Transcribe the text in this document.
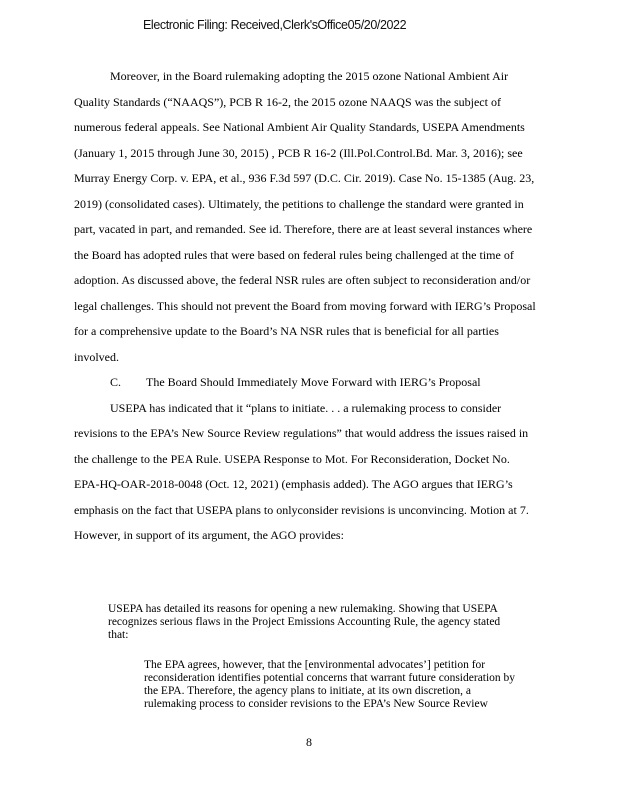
Electronic Filing: Received,Clerk'sOffice05/20/2022
Moreover, in the Board rulemaking adopting the 2015 ozone National Ambient Air
Quality Standards (“NAAQS”), PCB R 16-2, the 2015 ozone NAAQS was the subject of
numerous federal appeals. See National Ambient Air Quality Standards, USEPA Amendments
(January 1, 2015 through June 30, 2015) , PCB R 16-2 (Ill.Pol.Control.Bd. Mar. 3, 2016); see
Murray Energy Corp. v. EPA, et al., 936 F.3d 597 (D.C. Cir. 2019). Case No. 15-1385 (Aug. 23,
2019) (consolidated cases). Ultimately, the petitions to challenge the standard were granted in
part, vacated in part, and remanded. See id. Therefore, there are at least several instances where
the Board has adopted rules that were based on federal rules being challenged at the time of
adoption. As discussed above, the federal NSR rules are often subject to reconsideration and/or
legal challenges. This should not prevent the Board from moving forward with IERG’s Proposal
for a comprehensive update to the Board’s NA NSR rules that is beneficial for all parties
involved.
C. The Board Should Immediately Move Forward with IERG’s Proposal
USEPA has indicated that it “plans to initiate. . . a rulemaking process to consider
revisions to the EPA’s New Source Review regulations” that would address the issues raised in
the challenge to the PEA Rule. USEPA Response to Mot. For Reconsideration, Docket No.
EPA-HQ-OAR-2018-0048 (Oct. 12, 2021) (emphasis added). The AGO argues that IERG’s
emphasis on the fact that USEPA plans to onlyconsider revisions is unconvincing. Motion at 7.
However, in support of its argument, the AGO provides:
USEPA has detailed its reasons for opening a new rulemaking. Showing that USEPA
recognizes serious flaws in the Project Emissions Accounting Rule, the agency stated
that:
The EPA agrees, however, that the [environmental advocates’] petition for
reconsideration identifies potential concerns that warrant future consideration by
the EPA. Therefore, the agency plans to initiate, at its own discretion, a
rulemaking process to consider revisions to the EPA’s New Source Review
8
